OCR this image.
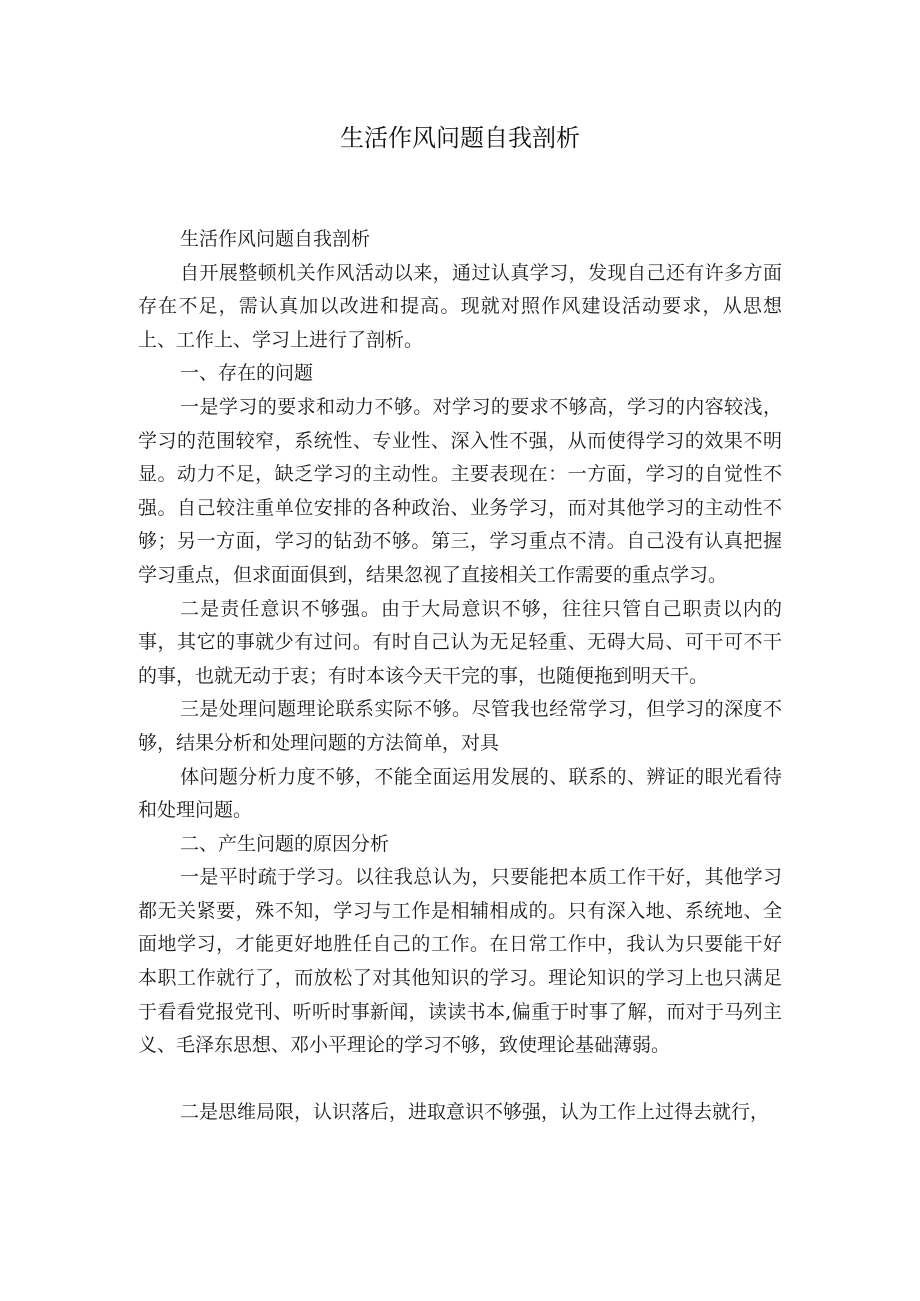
生活作风问题自我剖析

生活作风问题自我剖析

自开展整顿机关作风活动以来，通过认真学习，发现自己还有许多方面存在不足，需认真加以改进和提高。现就对照作风建设活动要求，从思想上、工作上、学习上进行了剖析。

一、存在的问题

一是学习的要求和动力不够。对学习的要求不够高，学习的内容较浅，学习的范围较窄，系统性、专业性、深入性不强，从而使得学习的效果不明显。动力不足，缺乏学习的主动性。主要表现在：一方面，学习的自觉性不强。自己较注重单位安排的各种政治、业务学习，而对其他学习的主动性不够；另一方面，学习的钻劲不够。第三，学习重点不清。自己没有认真把握学习重点，但求面面俱到，结果忽视了直接相关工作需要的重点学习。

二是责任意识不够强。由于大局意识不够，往往只管自己职责以内的事，其它的事就少有过问。有时自己认为无足轻重、无碍大局、可干可不干的事，也就无动于衷；有时本该今天干完的事，也随便拖到明天干。

三是处理问题理论联系实际不够。尽管我也经常学习，但学习的深度不够，结果分析和处理问题的方法简单，对具

体问题分析力度不够，不能全面运用发展的、联系的、辨证的眼光看待和处理问题。

二、产生问题的原因分析

一是平时疏于学习。以往我总认为，只要能把本质工作干好，其他学习都无关紧要，殊不知，学习与工作是相辅相成的。只有深入地、系统地、全面地学习，才能更好地胜任自己的工作。在日常工作中，我认为只要能干好本职工作就行了，而放松了对其他知识的学习。理论知识的学习上也只满足于看看党报党刊、听听时事新闻，读读书本,偏重于时事了解，而对于马列主义、毛泽东思想、邓小平理论的学习不够，致使理论基础薄弱。

二是思维局限，认识落后，进取意识不够强，认为工作上过得去就行，
